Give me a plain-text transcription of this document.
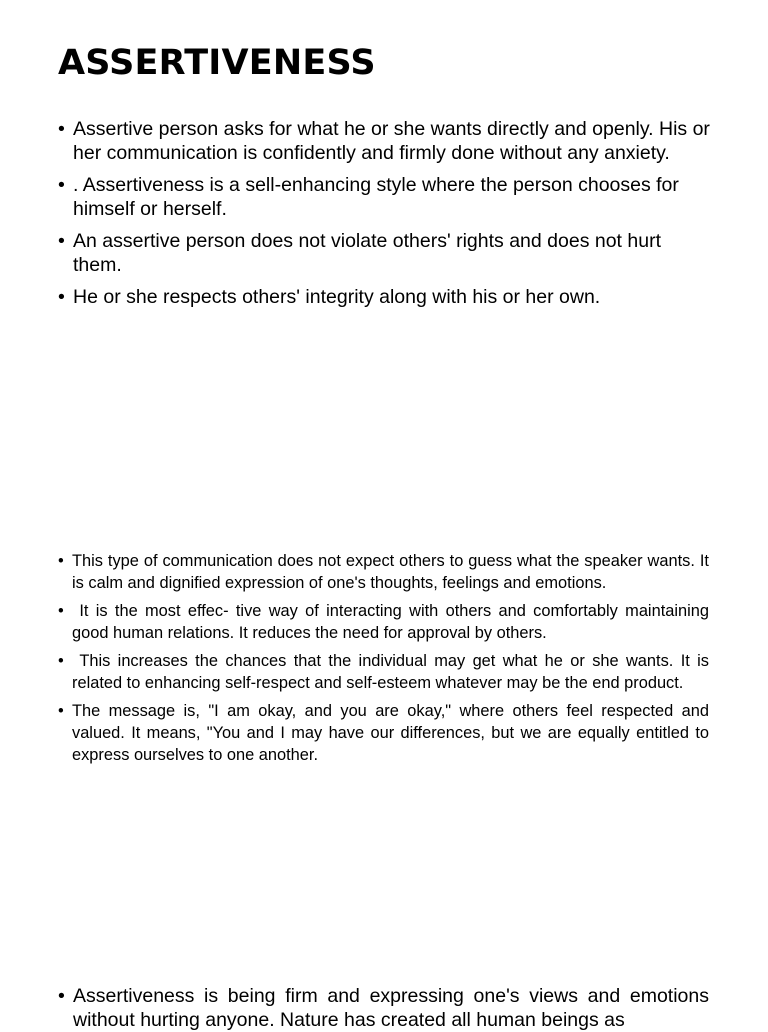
ASSERTIVENESS
• Assertive person asks for what he or she wants directly and openly. His or her communication is confidently and firmly done without any anxiety.
• . Assertiveness is a sell-enhancing style where the person chooses for himself or herself.
• An assertive person does not violate others' rights and does not hurt them.
• He or she respects others' integrity along with his or her own.
• This type of communication does not expect others to guess what the speaker wants. It is calm and dignified expression of one's thoughts, feelings and emotions.
• It is the most effec- tive way of interacting with others and comfortably maintaining good human relations. It reduces the need for approval by others.
• This increases the chances that the individual may get what he or she wants. It is related to enhancing self-respect and self-esteem whatever may be the end product.
• The message is, "I am okay, and you are okay," where others feel respected and valued. It means, "You and I may have our differences, but we are equally entitled to express ourselves to one another.
• Assertiveness is being firm and expressing one's views and emotions without hurting anyone. Nature has created all human beings as
